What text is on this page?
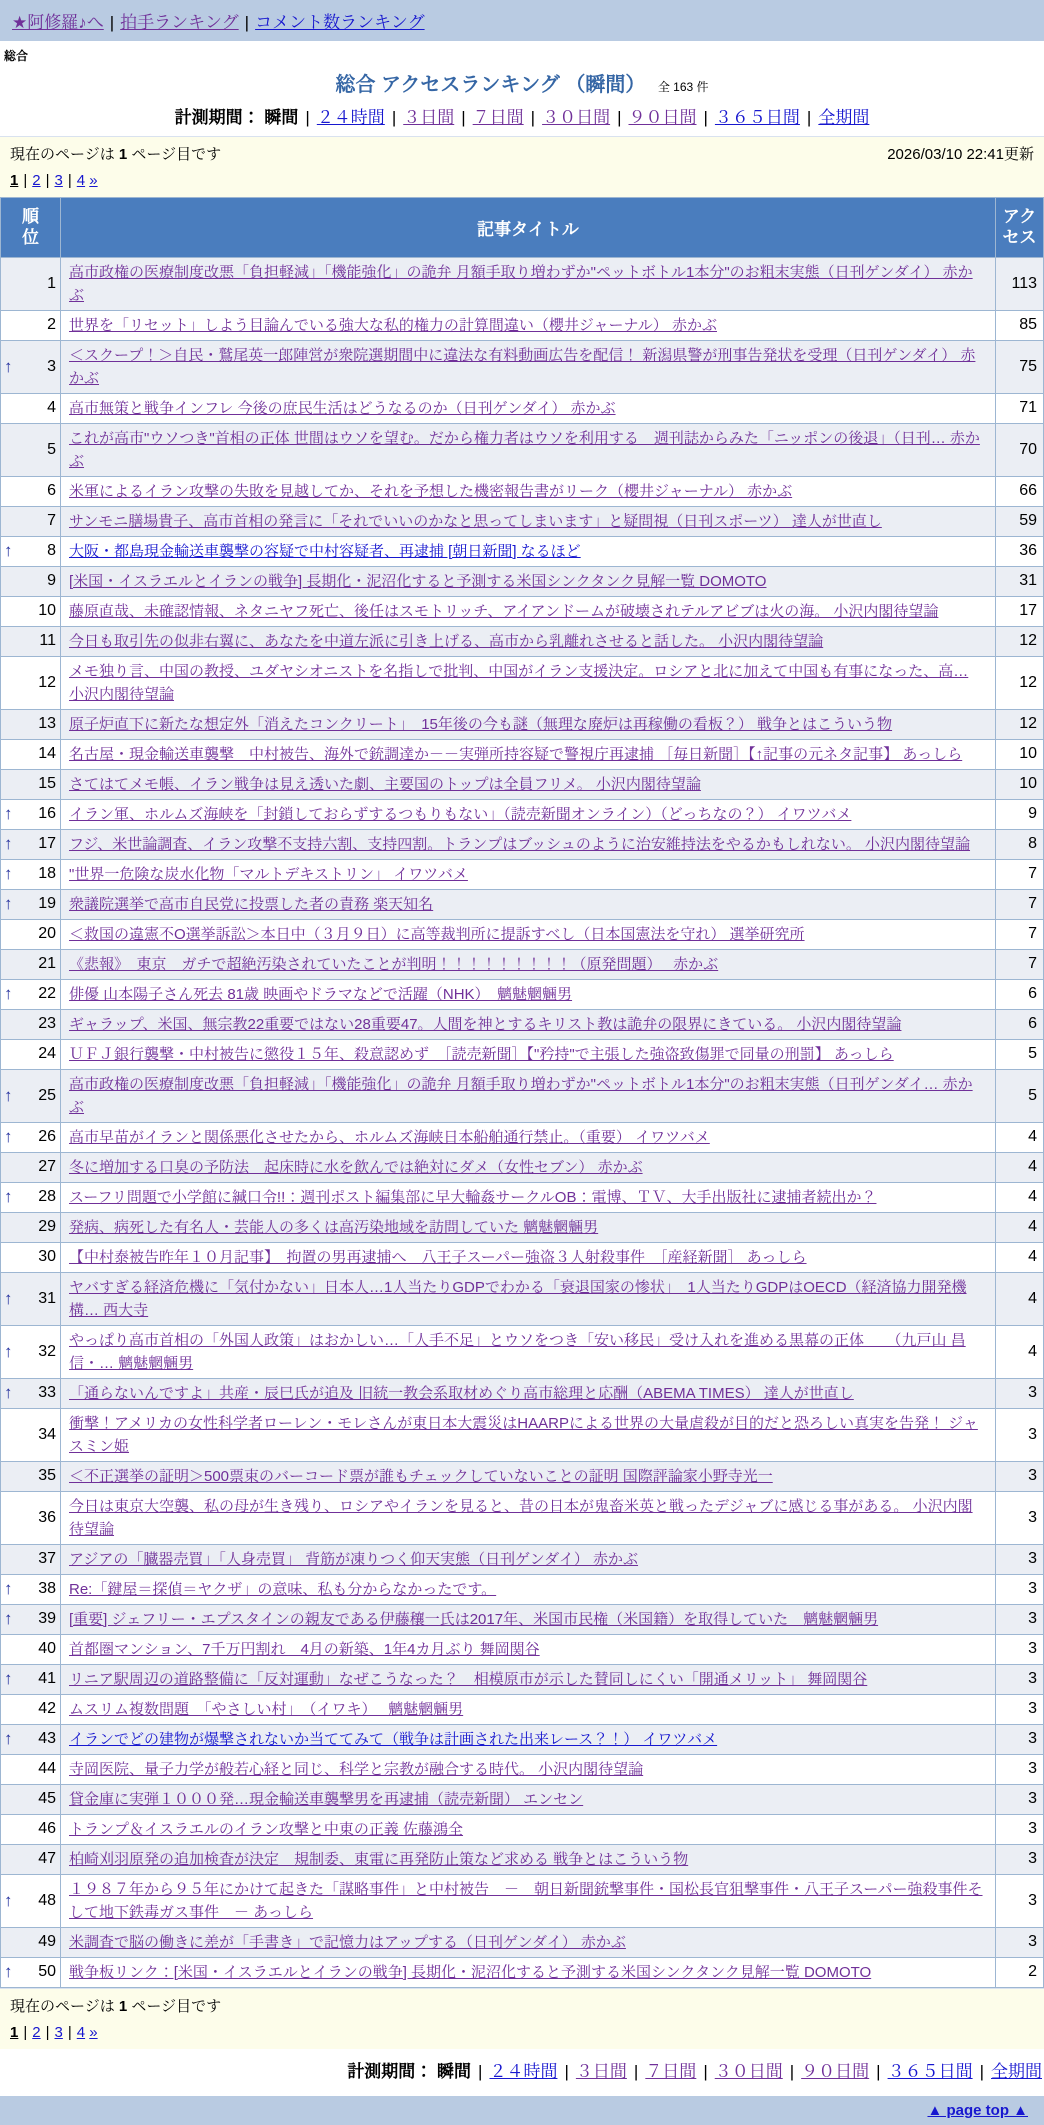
★阿修羅♪へ | 拍手ランキング | コメント数ランキング
総合
総合 アクセスランキング （瞬間） 全 163 件
計測期間： 瞬間 | ２４時間 | ３日間 | ７日間 | ３０日間 | ９０日間 | ３６５日間 | 全期間
現在のページは 1 ページ目です	2026/03/10 22:41更新
1 | 2 | 3 | 4 »
順位	記事タイトル	アクセス

1	高市政権の医療制度改悪「負担軽減」「機能強化」の詭弁 月額手取り増わずか"ペットボトル1本分"のお粗末実態（日刊ゲンダイ） 赤かぶ	113

2	世界を「リセット」しよう目論んでいる強大な私的権力の計算間違い（櫻井ジャーナル） 赤かぶ	85

↑ 3	＜スクープ！＞自民・鷲尾英一郎陣営が衆院選期間中に違法な有料動画広告を配信！ 新潟県警が刑事告発状を受理（日刊ゲンダイ） 赤かぶ	75

4	高市無策と戦争インフレ 今後の庶民生活はどうなるのか（日刊ゲンダイ） 赤かぶ	71

5	これが高市"ウソつき"首相の正体 世間はウソを望む。だから権力者はウソを利用する　週刊誌からみた「ニッポンの後退」（日刊… 赤かぶ	70

6	米軍によるイラン攻撃の失敗を見越してか、それを予想した機密報告書がリーク（櫻井ジャーナル） 赤かぶ	66

7	サンモニ膳場貴子、高市首相の発言に「それでいいのかなと思ってしまいます」と疑問視（日刊スポーツ） 達人が世直し	59

↑ 8	大阪・都島現金輸送車襲撃の容疑で中村容疑者、再逮捕 [朝日新聞] なるほど	36

9	[米国・イスラエルとイランの戦争] 長期化・泥沼化すると予測する米国シンクタンク見解一覧 DOMOTO	31

10	藤原直哉、未確認情報、ネタニヤフ死亡、後任はスモトリッチ、アイアンドームが破壊されテルアビブは火の海。 小沢内閣待望論	17

11	今日も取引先の似非右翼に、あなたを中道左派に引き上げる、高市から乳離れさせると話した。 小沢内閣待望論	12

12	メモ独り言、中国の教授、ユダヤシオニストを名指しで批判、中国がイラン支援決定。ロシアと北に加えて中国も有事になった、高… 小沢内閣待望論	12

13	原子炉直下に新たな想定外「消えたコンクリート」　15年後の今も謎（無理な廃炉は再稼働の看板？） 戦争とはこういう物	12

14	名古屋・現金輸送車襲撃　中村被告、海外で銃調達か－－実弾所持容疑で警視庁再逮捕 ［毎日新聞］【↑記事の元ネタ記事】 あっしら	10

15	さてはてメモ帳、イラン戦争は見え透いた劇、主要国のトップは全員フリメ。 小沢内閣待望論	10

↑ 16	イラン軍、ホルムズ海峡を「封鎖しておらずするつもりもない」（読売新聞オンライン）（どっちなの？） イワツバメ	9

↑ 17	フジ、米世論調査、イラン攻撃不支持六割、支持四割。トランプはブッシュのように治安維持法をやるかもしれない。 小沢内閣待望論	8

↑ 18	"世界一危険な炭水化物「マルトデキストリン」 イワツバメ	7

↑ 19	衆議院選挙で高市自民党に投票した者の責務 楽天知名	7

20	＜救国の違憲不О選挙訴訟＞本日中（３月９日）に高等裁判所に提訴すべし（日本国憲法を守れ） 選挙研究所	7

21	《悲報》　東京　ガチで超絶汚染されていたことが判明！！！！！！！！！（原発問題）　 赤かぶ	7

↑ 22	俳優 山本陽子さん死去 81歳 映画やドラマなどで活躍（NHK）　魑魅魍魎男	6

23	ギャラップ、米国、無宗教22重要ではない28重要47。人間を神とするキリスト教は詭弁の限界にきている。 小沢内閣待望論	6

24	ＵＦＪ銀行襲撃・中村被告に懲役１５年、殺意認めず　［読売新聞］【"矜持"で主張した強盗致傷罪で同量の刑罰】 あっしら	5

↑ 25	高市政権の医療制度改悪「負担軽減」「機能強化」の詭弁 月額手取り増わずか"ペットボトル1本分"のお粗末実態（日刊ゲンダイ… 赤かぶ	5

↑ 26	高市早苗がイランと関係悪化させたから、ホルムズ海峡日本船舶通行禁止。（重要） イワツバメ	4

27	冬に増加する口臭の予防法　起床時に水を飲んでは絶対にダメ（女性セブン） 赤かぶ	4

↑ 28	スーフリ問題で小学館に緘口令!!：週刊ポスト編集部に早大輪姦サークルOB：電博、ＴＶ、大手出版社に逮捕者続出か？	4

29	発病、病死した有名人・芸能人の多くは高汚染地域を訪問していた 魑魅魍魎男	4

30	【中村泰被告昨年１０月記事】　拘置の男再逮捕へ　八王子スーパー強盗３人射殺事件　［産経新聞］ あっしら	4

↑ 31	ヤバすぎる経済危機に「気付かない」日本人…1人当たりGDPでわかる「衰退国家の惨状」　1人当たりGDPはOECD（経済協力開発機構… 西大寺	4

↑ 32	やっぱり高市首相の「外国人政策」はおかしい…「人手不足」とウソをつき「安い移民」受け入れを進める黒幕の正体　　（九戸山 昌信・… 魑魅魍魎男	4

↑ 33	「通らないんですよ」共産・辰巳氏が追及 旧統一教会系取材めぐり高市総理と応酬（ABEMA TIMES） 達人が世直し	3

34	衝撃！アメリカの女性科学者ローレン・モレさんが東日本大震災はHAARPによる世界の大量虐殺が目的だと恐ろしい真実を告発！ ジャスミン姫	3

35	＜不正選挙の証明＞500票束のバーコード票が誰もチェックしていないことの証明 国際評論家小野寺光一	3

36	今日は東京大空襲、私の母が生き残り、ロシアやイランを見ると、昔の日本が鬼畜米英と戦ったデジャブに感じる事がある。 小沢内閣待望論	3

37	アジアの「臓器売買」「人身売買」 背筋が凍りつく仰天実態（日刊ゲンダイ） 赤かぶ	3

↑ 38	Re:「鍵屋＝探偵＝ヤクザ」の意味、私も分からなかったです。	3

↑ 39	[重要] ジェフリー・エプスタインの親友である伊藤穰一氏は2017年、米国市民権（米国籍）を取得していた　魑魅魍魎男	3

40	首都圏マンション、7千万円割れ　4月の新築、1年4カ月ぶり 舞岡関谷	3

↑ 41	リニア駅周辺の道路整備に「反対運動」なぜこうなった？　相模原市が示した賛同しにくい「開通メリット」 舞岡関谷	3

42	ムスリム複数問題　「やさしい村」　（イワキ）　 魑魅魍魎男	3

↑ 43	イランでどの建物が爆撃されないか当ててみて（戦争は計画された出来レース？！） イワツバメ	3

44	寺岡医院、量子力学が般若心経と同じ、科学と宗教が融合する時代。 小沢内閣待望論	3

45	貸金庫に実弾１０００発…現金輸送車襲撃男を再逮捕（読売新聞） エンセン	3

46	トランプ＆イスラエルのイラン攻撃と中東の正義 佐藤鴻全	3

47	柏崎刈羽原発の追加検査が決定　規制委、東電に再発防止策など求める 戦争とはこういう物	3

↑ 48	１９８７年から９５年にかけて起きた「謀略事件」と中村被告　－　朝日新聞銃撃事件・国松長官狙撃事件・八王子スーパー強殺事件そして地下鉄毒ガス事件　－ あっしら	3

49	米調査で脳の働きに差が「手書き」で記憶力はアップする（日刊ゲンダイ） 赤かぶ	3

↑ 50	戦争板リンク：[米国・イスラエルとイランの戦争] 長期化・泥沼化すると予測する米国シンクタンク見解一覧 DOMOTO	2
現在のページは 1 ページ目です
1 | 2 | 3 | 4 »
計測期間： 瞬間 | ２４時間 | ３日間 | ７日間 | ３０日間 | ９０日間 | ３６５日間 | 全期間
▲ page top ▲
